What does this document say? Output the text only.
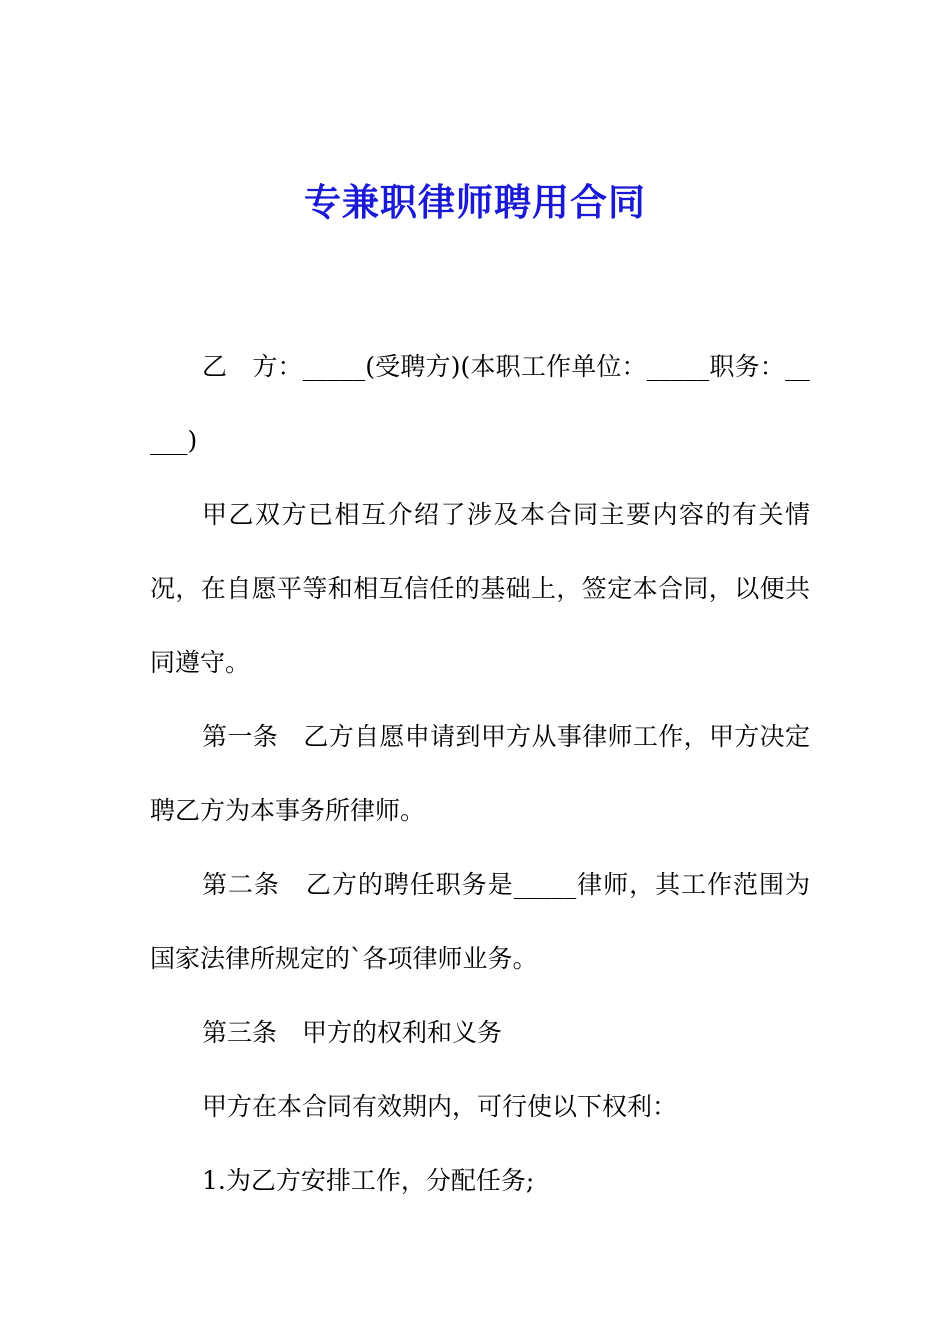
专兼职律师聘用合同

乙　方：_____(受聘方)(本职工作单位：_____职务：_____)

甲乙双方已相互介绍了涉及本合同主要内容的有关情况，在自愿平等和相互信任的基础上，签定本合同，以便共同遵守。

第一条　乙方自愿申请到甲方从事律师工作，甲方决定聘乙方为本事务所律师。

第二条　乙方的聘任职务是_____律师，其工作范围为国家法律所规定的`各项律师业务。

第三条　甲方的权利和义务

甲方在本合同有效期内，可行使以下权利：

1.为乙方安排工作，分配任务;
